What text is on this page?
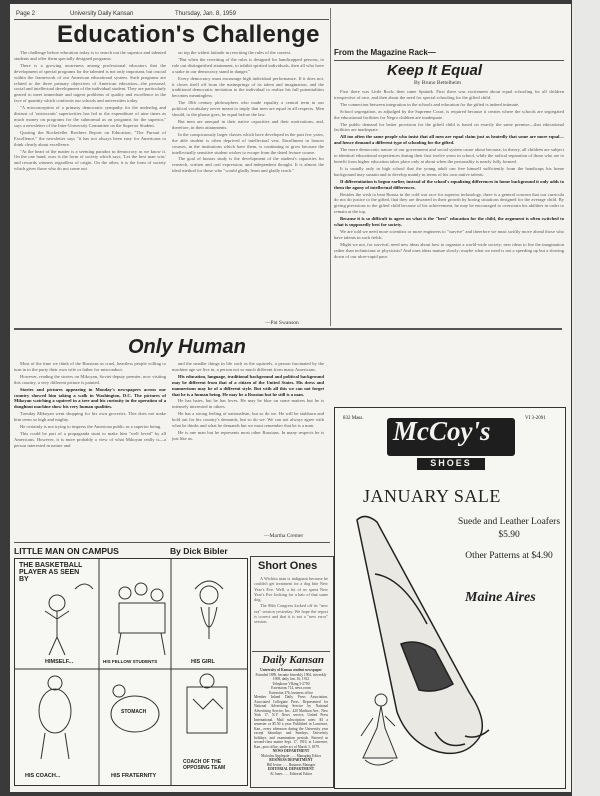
Page 2	University Daily Kansan	Thursday, Jan. 8, 1959
Education's Challenge

The challenge before education today is to search out the superior and talented students and offer them specially designed programs.

There is a growing awareness among professional educators that the development of special programs for the talented is not only important, but crucial within the framework of our American educational system. Such programs are related to the three primary objectives of American education—the personal, social and intellectual development of the individual student. They are particularly geared to meet immediate and urgent problems of quality and excellence in the face of quantity which confronts our schools and universities today.

"A misconception of a primary democratic sympathy for the underdog and distrust of 'aristocratic' superiorities has led to the expenditure of nine times as much money on programs for the subnormal as on programs for the superior," says a newsletter of the Inter-University Committee on the Superior Student.

Quoting the Rockefeller Brothers Report on Education, "The Pursuit of Excellence," the newsletter says "it has not always been easy for Americans to think clearly about excellence.

"At the heart of the matter is a seeming paradox in democracy as we know it. On the one hand, ours is the form of society which says, 'Let the best man win,' and rewards winners regardless of origin. On the other, it is the form of society which gives those who do not come out

on top the widest latitude in rewriting the rules of the contest.

"But when the rewriting of the rules is designed for handicapped persons, to rule out distinguished attainment, to inhibit spirited individuals, then all who have a stake in our democracy stand in danger."

Every democracy must encourage high individual performance. If it does not, it closes itself off from the mainsprings of its talent and imagination, and the traditional democratic invitation to the individual to realize his full potentialities becomes meaningless.

The 18th century philosophers who made equality a central term in our political vocabulary never meant to imply that men are equal in all respects. Men should, to the phrase goes, be equal before the law.

But men are unequal in their native capacities and their motivations, and, therefore, in their attainments.

In the conspicuously larger classes which have developed in the past few years, the able student is often deprived of intellectual vest. Enrollment in honors courses, in the institutions which have them, is continuing to grow because the intellectually sensitive student wishes to escape from the dated lecture course.

The goal of honors study is the development of the student's capacities for research, written and oral expression, and independent thought. It is almost the ideal method for those who "would gladly learn and gladly teach."

—Pat Swanson
From the Magazine Rack—
Keep It Equal
By Bruno Bettelheim

First there was Little Rock; then came Sputnik. First there was excitement about equal schooling for all children irrespective of race, and then about the need for special schooling for the gifted child.

The connection between integration in the schools and education for the gifted is indeed intimate.

School segregation, as adjudged by the Supreme Court, is required because it creates where the schools are segregated the educational facilities for Negro children are inadequate.

The public demand for better provision for the gifted child is based on exactly the same premise—that educational facilities are inadequate.

All too often the same people who insist that all men are equal claim just as heatedly that some are more equal—and hence demand a different type of schooling for the gifted.

The more democratic nature of our government and social system cause about because, in theory, all children are subject to identical educational experiences during their first twelve years in school, while the radical separation of those who are to benefit from higher education takes place only at about when the personality is nearly fully formed.

It is usually only in high school that the young adult can free himself sufficiently from the handicaps his home background may sustain and to develop mainly in terms of his own native talents.

If differentiation is begun earlier, instead of the school's equalizing differences in home background it only adds to them the agony of intellectual differences.

Besides the wish to beat Russia in the cold war race for superior technology, there is a general concern that our curricula do not do justice to the gifted, that they are thwarted in their growth by boring situations designed for the average child. By giving precisions to the gifted child because of his achievement, he may be encouraged to overstrain his abilities in order to remain at the top.

Because it is so difficult to agree on what is the "best" education for the child, the argument is often switched to what is supposedly best for society.

We are told we need more scientists or more engineers to "survive" and therefore we must swiftly move ahead those who have talents in such fields.

Might we not, for survival, need new ideas about how to organize a world-wide society; new ideas to fire the imagination rather than technicians or physicists? And ones ideas mature slowly; maybe what we need is not a speeding up but a slowing down of our ulcer-rapid pace.

Only Human

Most of the time we think of the Russians as cruel, heartless people willing to turn in to the party their own wife or father for misconduct.

However, reading the stories on Mikoyan, Soviet deputy premier, now visiting this country, a very different picture is painted.

Stories and pictures appearing in Monday's newspapers across our country showed him taking a walk in Washington, D.C. The pictures of Mikoyan watching a squirrel in a tree and his curiosity in the operation of a doughnut machine show his very human qualities.

Tuesday Mikoyan went shopping for his own groceries. This does not make him seem so high and mighty.

He certainly is not trying to impress the American public as a superior being.

This could be part of a propaganda stunt to make him "well loved" by all Americans. However, it is more probably a view of what Mikoyan really is—a person interested in nature and

and the smaller things in life such as the squirrels, a person fascinated by the machine age we live in, a person not so much different from many Americans.

His education, language, traditional background and political background may be different from that of a citizen of the United States. His dress and mannerisms may be of a different style. But with all this we can not forget that he is a human being. He may be a Russian but he still is a man.

He has hates, but he has loves. He may be blue on some matters but he is intensely interested in others.

He has a strong feeling of nationalism, but so do we. He will be stubborn and hold out for his country's demands, but so do we. We can not always agree with what he thinks and what he demands but we must remember that he is a man.

He is one man but he represents most other Russians. In many respects he is just like us.

—Martha Cremer
LITTLE MAN ON CAMPUS	By Dick Bibler
THE BASKETBALL PLAYER AS SEEN BY
HIMSELF...	HIS FELLOW STUDENTS	HIS GIRL
HIS COACH...	HIS FRATERNITY
COACH OF THE OPPOSING TEAM
STOMACH
Short Ones

A Wichita man is indignant because he couldn't get treatment for a dog bite New Year's Eve. Well, a lot of us spent New Year's Eve looking for a hair of that same dog.

The 86th Congress kicked off its "new era" session yesterday. We hope the report is correct and that it is not a "new error" session.

Daily Kansan
University of Kansas student newspaper
Founded 1889, became biweekly 1904, triweekly 1908, daily Jan. 16, 1912
Telephone VIking 3-2700
Extensions 714, news room
Extension 376, business office
Member Inland Daily Press Association, Associated Collegiate Press. Represented for National Advertising Service by National Advertising Service, Inc., 420 Madison Ave., New York 17, N.Y. News service, United Press International. Mail subscription rates: $3 a semester or $5.50 a year. Published in Lawrence, Kan., every afternoon during the University year except Saturdays and Sundays, University holidays, and examination periods. Entered as second-class matter Sept. 17, 1910, at Lawrence, Kan., post office, under act of March 3, 1879.
NEWS DEPARTMENT
Malcolm Applegate ...... Managing Editor
BUSINESS DEPARTMENT
Bill Irvine ...... Business Manager
EDITORIAL DEPARTMENT
Al Jones ...... Editorial Editor
832 Mass.	VI 3-2091
McCoy's
SHOES
JANUARY SALE
Suede and Leather Loafers $5.90
Other Patterns at $4.90
Maine Aires
